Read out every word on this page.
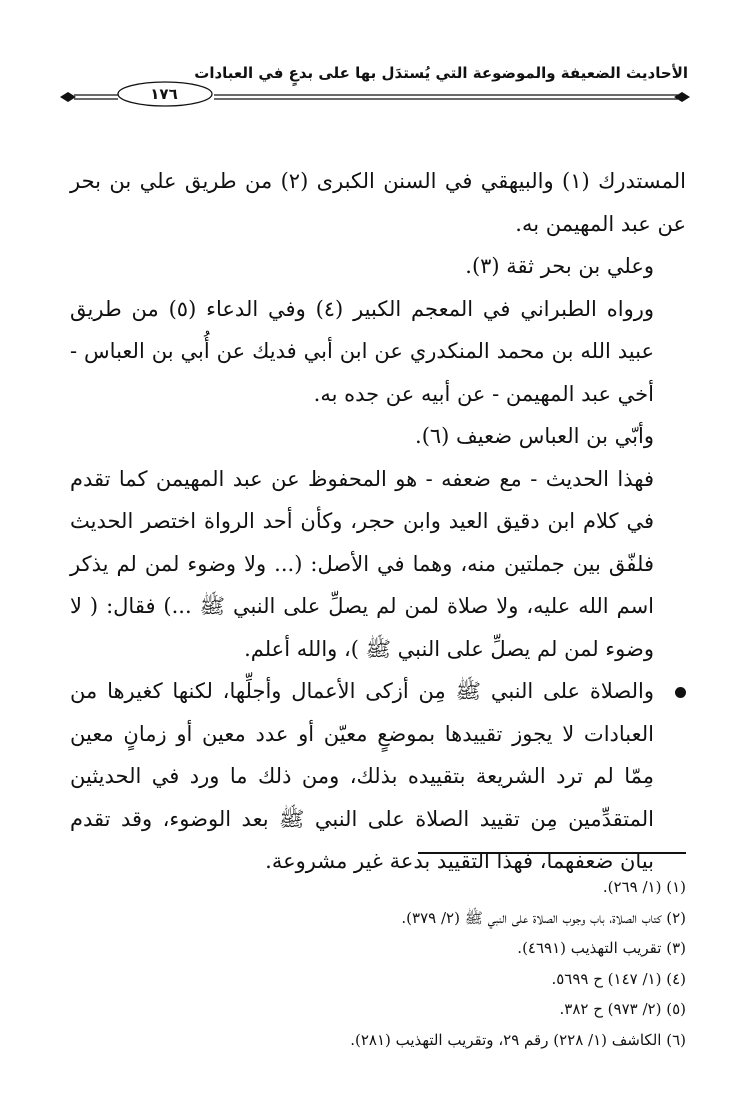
الأحاديث الضعيفة والموضوعة التي يُستدَل بها على بدعٍ في العبادات
١٧٦

المستدرك (١) والبيهقي في السنن الكبرى (٢) من طريق علي بن بحر عن عبد المهيمن به.

وعلي بن بحر ثقة (٣).

ورواه الطبراني في المعجم الكبير (٤) وفي الدعاء (٥) من طريق عبيد الله بن محمد المنكدري عن ابن أبي فديك عن أُبي بن العباس - أخي عبد المهيمن - عن أبيه عن جده به.

وأبّي بن العباس ضعيف (٦).

فهذا الحديث - مع ضعفه - هو المحفوظ عن عبد المهيمن كما تقدم في كلام ابن دقيق العيد وابن حجر، وكأن أحد الرواة اختصر الحديث فلفّق بين جملتين منه، وهما في الأصل: (... ولا وضوء لمن لم يذكر اسم الله عليه، ولا صلاة لمن لم يصلِّ على النبي ﷺ ...) فقال: ( لا وضوء لمن لم يصلِّ على النبي ﷺ )، والله أعلم.

والصلاة على النبي ﷺ مِن أزكى الأعمال وأجلِّها، لكنها كغيرها من العبادات لا يجوز تقييدها بموضعٍ معيّن أو عدد معين أو زمانٍ معين مِمّا لم ترد الشريعة بتقييده بذلك، ومن ذلك ما ورد في الحديثين المتقدِّمين مِن تقييد الصلاة على النبي ﷺ بعد الوضوء، وقد تقدم بيان ضعفهما، فهذا التقييد بدعة غير مشروعة.

(١) (١/ ٢٦٩).

(٢) كتاب الصلاة، باب وجوب الصلاة على النبي ﷺ (٢/ ٣٧٩).

(٣) تقريب التهذيب (٤٦٩١).

(٤) (١/ ١٤٧) ح ٥٦٩٩.

(٥) (٢/ ٩٧٣) ح ٣٨٢.

(٦) الكاشف (١/ ٢٢٨) رقم ٢٩، وتقريب التهذيب (٢٨١).
